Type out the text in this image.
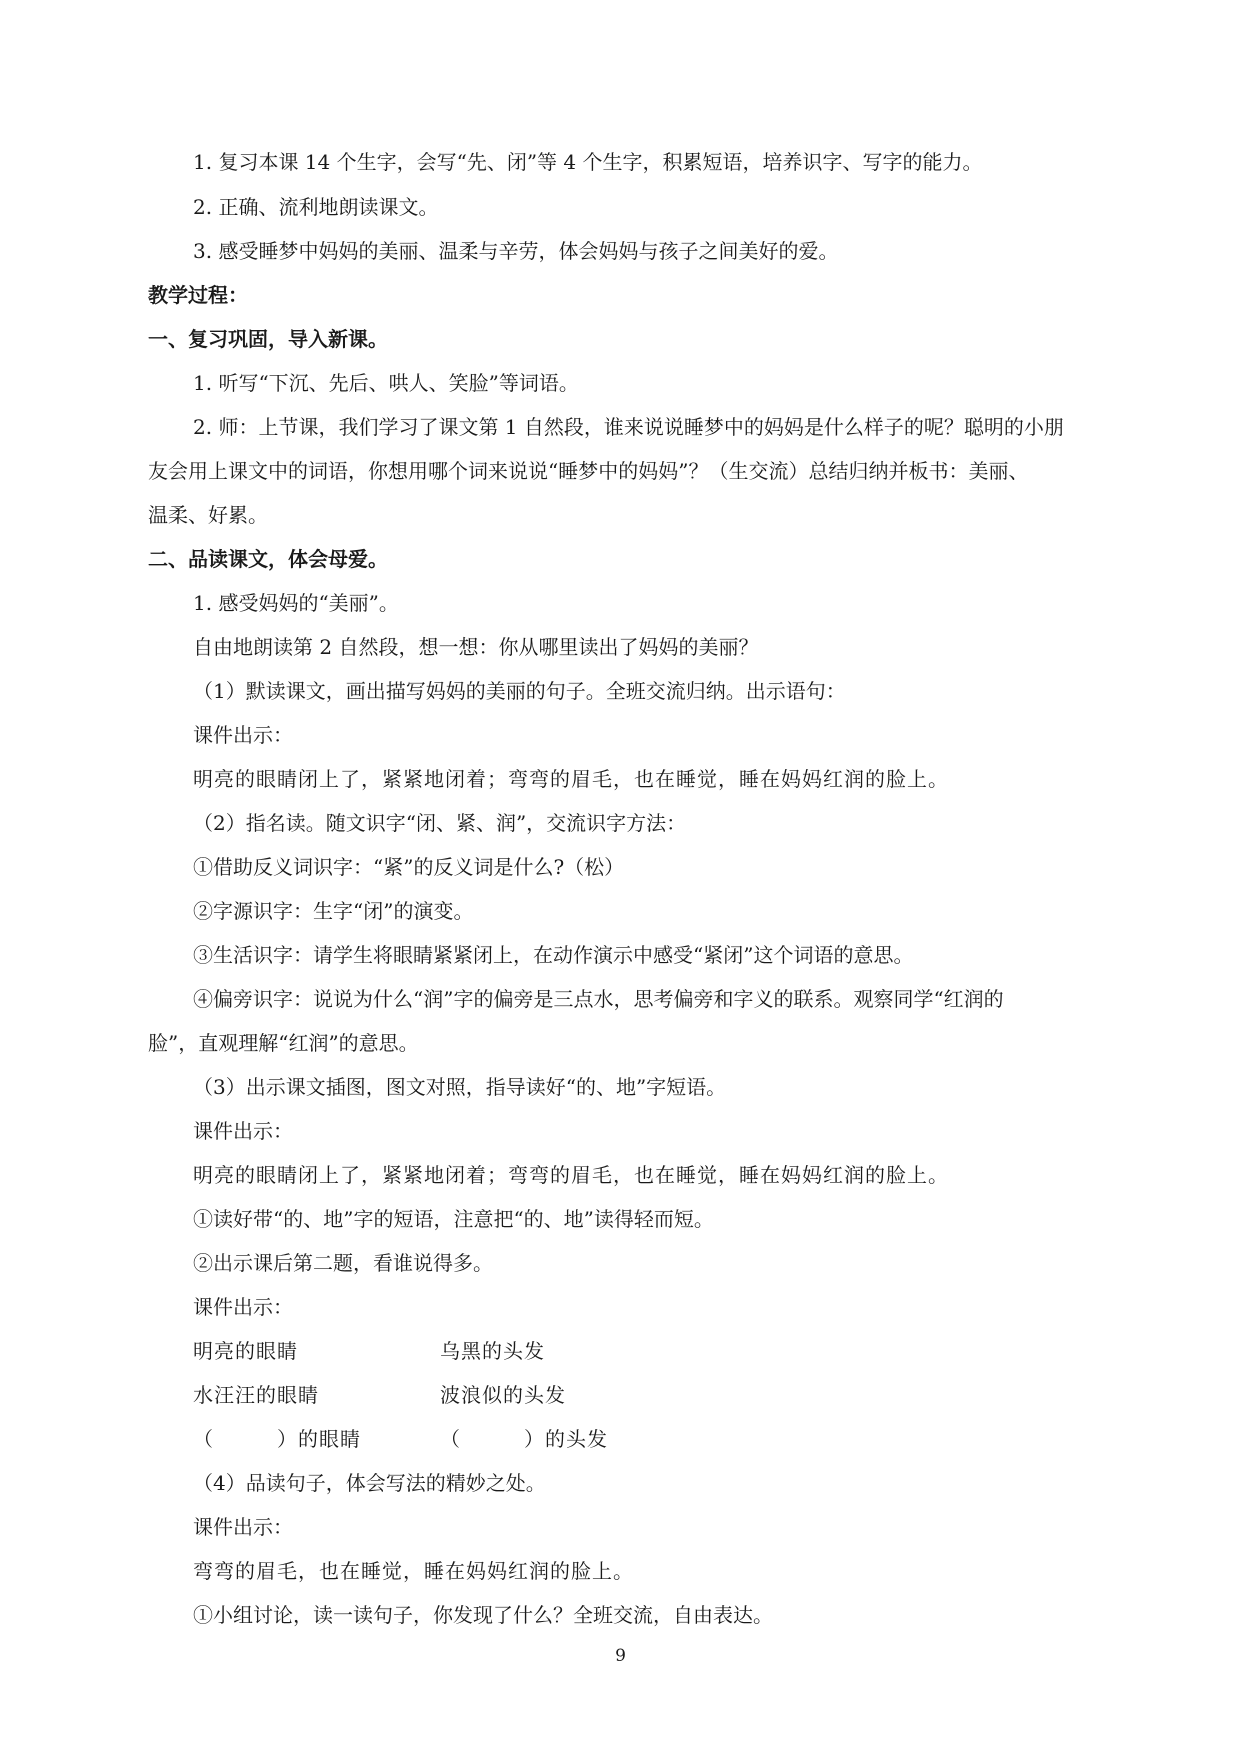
1. 复习本课 14 个生字，会写“先、闭”等 4 个生字，积累短语，培养识字、写字的能力。
2. 正确、流利地朗读课文。
3. 感受睡梦中妈妈的美丽、温柔与辛劳，体会妈妈与孩子之间美好的爱。
教学过程：
一、复习巩固，导入新课。
1. 听写“下沉、先后、哄人、笑脸”等词语。
2. 师：上节课，我们学习了课文第 1 自然段，谁来说说睡梦中的妈妈是什么样子的呢？聪明的小朋
友会用上课文中的词语，你想用哪个词来说说“睡梦中的妈妈”？（生交流）总结归纳并板书：美丽、
温柔、好累。
二、品读课文，体会母爱。
1. 感受妈妈的“美丽”。
自由地朗读第 2 自然段，想一想：你从哪里读出了妈妈的美丽？
（1）默读课文，画出描写妈妈的美丽的句子。全班交流归纳。出示语句：
课件出示：
明亮的眼睛闭上了，紧紧地闭着；弯弯的眉毛，也在睡觉，睡在妈妈红润的脸上。
（2）指名读。随文识字“闭、紧、润”，交流识字方法：
①借助反义词识字：“紧”的反义词是什么?（松）
②字源识字：生字“闭”的演变。
③生活识字：请学生将眼睛紧紧闭上，在动作演示中感受“紧闭”这个词语的意思。
④偏旁识字：说说为什么“润”字的偏旁是三点水，思考偏旁和字义的联系。观察同学“红润的
脸”，直观理解“红润”的意思。
（3）出示课文插图，图文对照，指导读好“的、地”字短语。
课件出示：
明亮的眼睛闭上了，紧紧地闭着；弯弯的眉毛，也在睡觉，睡在妈妈红润的脸上。
①读好带“的、地”字的短语，注意把“的、地”读得轻而短。
②出示课后第二题，看谁说得多。
课件出示：
明亮的眼睛	乌黑的头发
水汪汪的眼睛	波浪似的头发
（　　　）的眼睛	（　　　）的头发
（4）品读句子，体会写法的精妙之处。
课件出示：
弯弯的眉毛，也在睡觉，睡在妈妈红润的脸上。
①小组讨论，读一读句子，你发现了什么？全班交流，自由表达。
9
